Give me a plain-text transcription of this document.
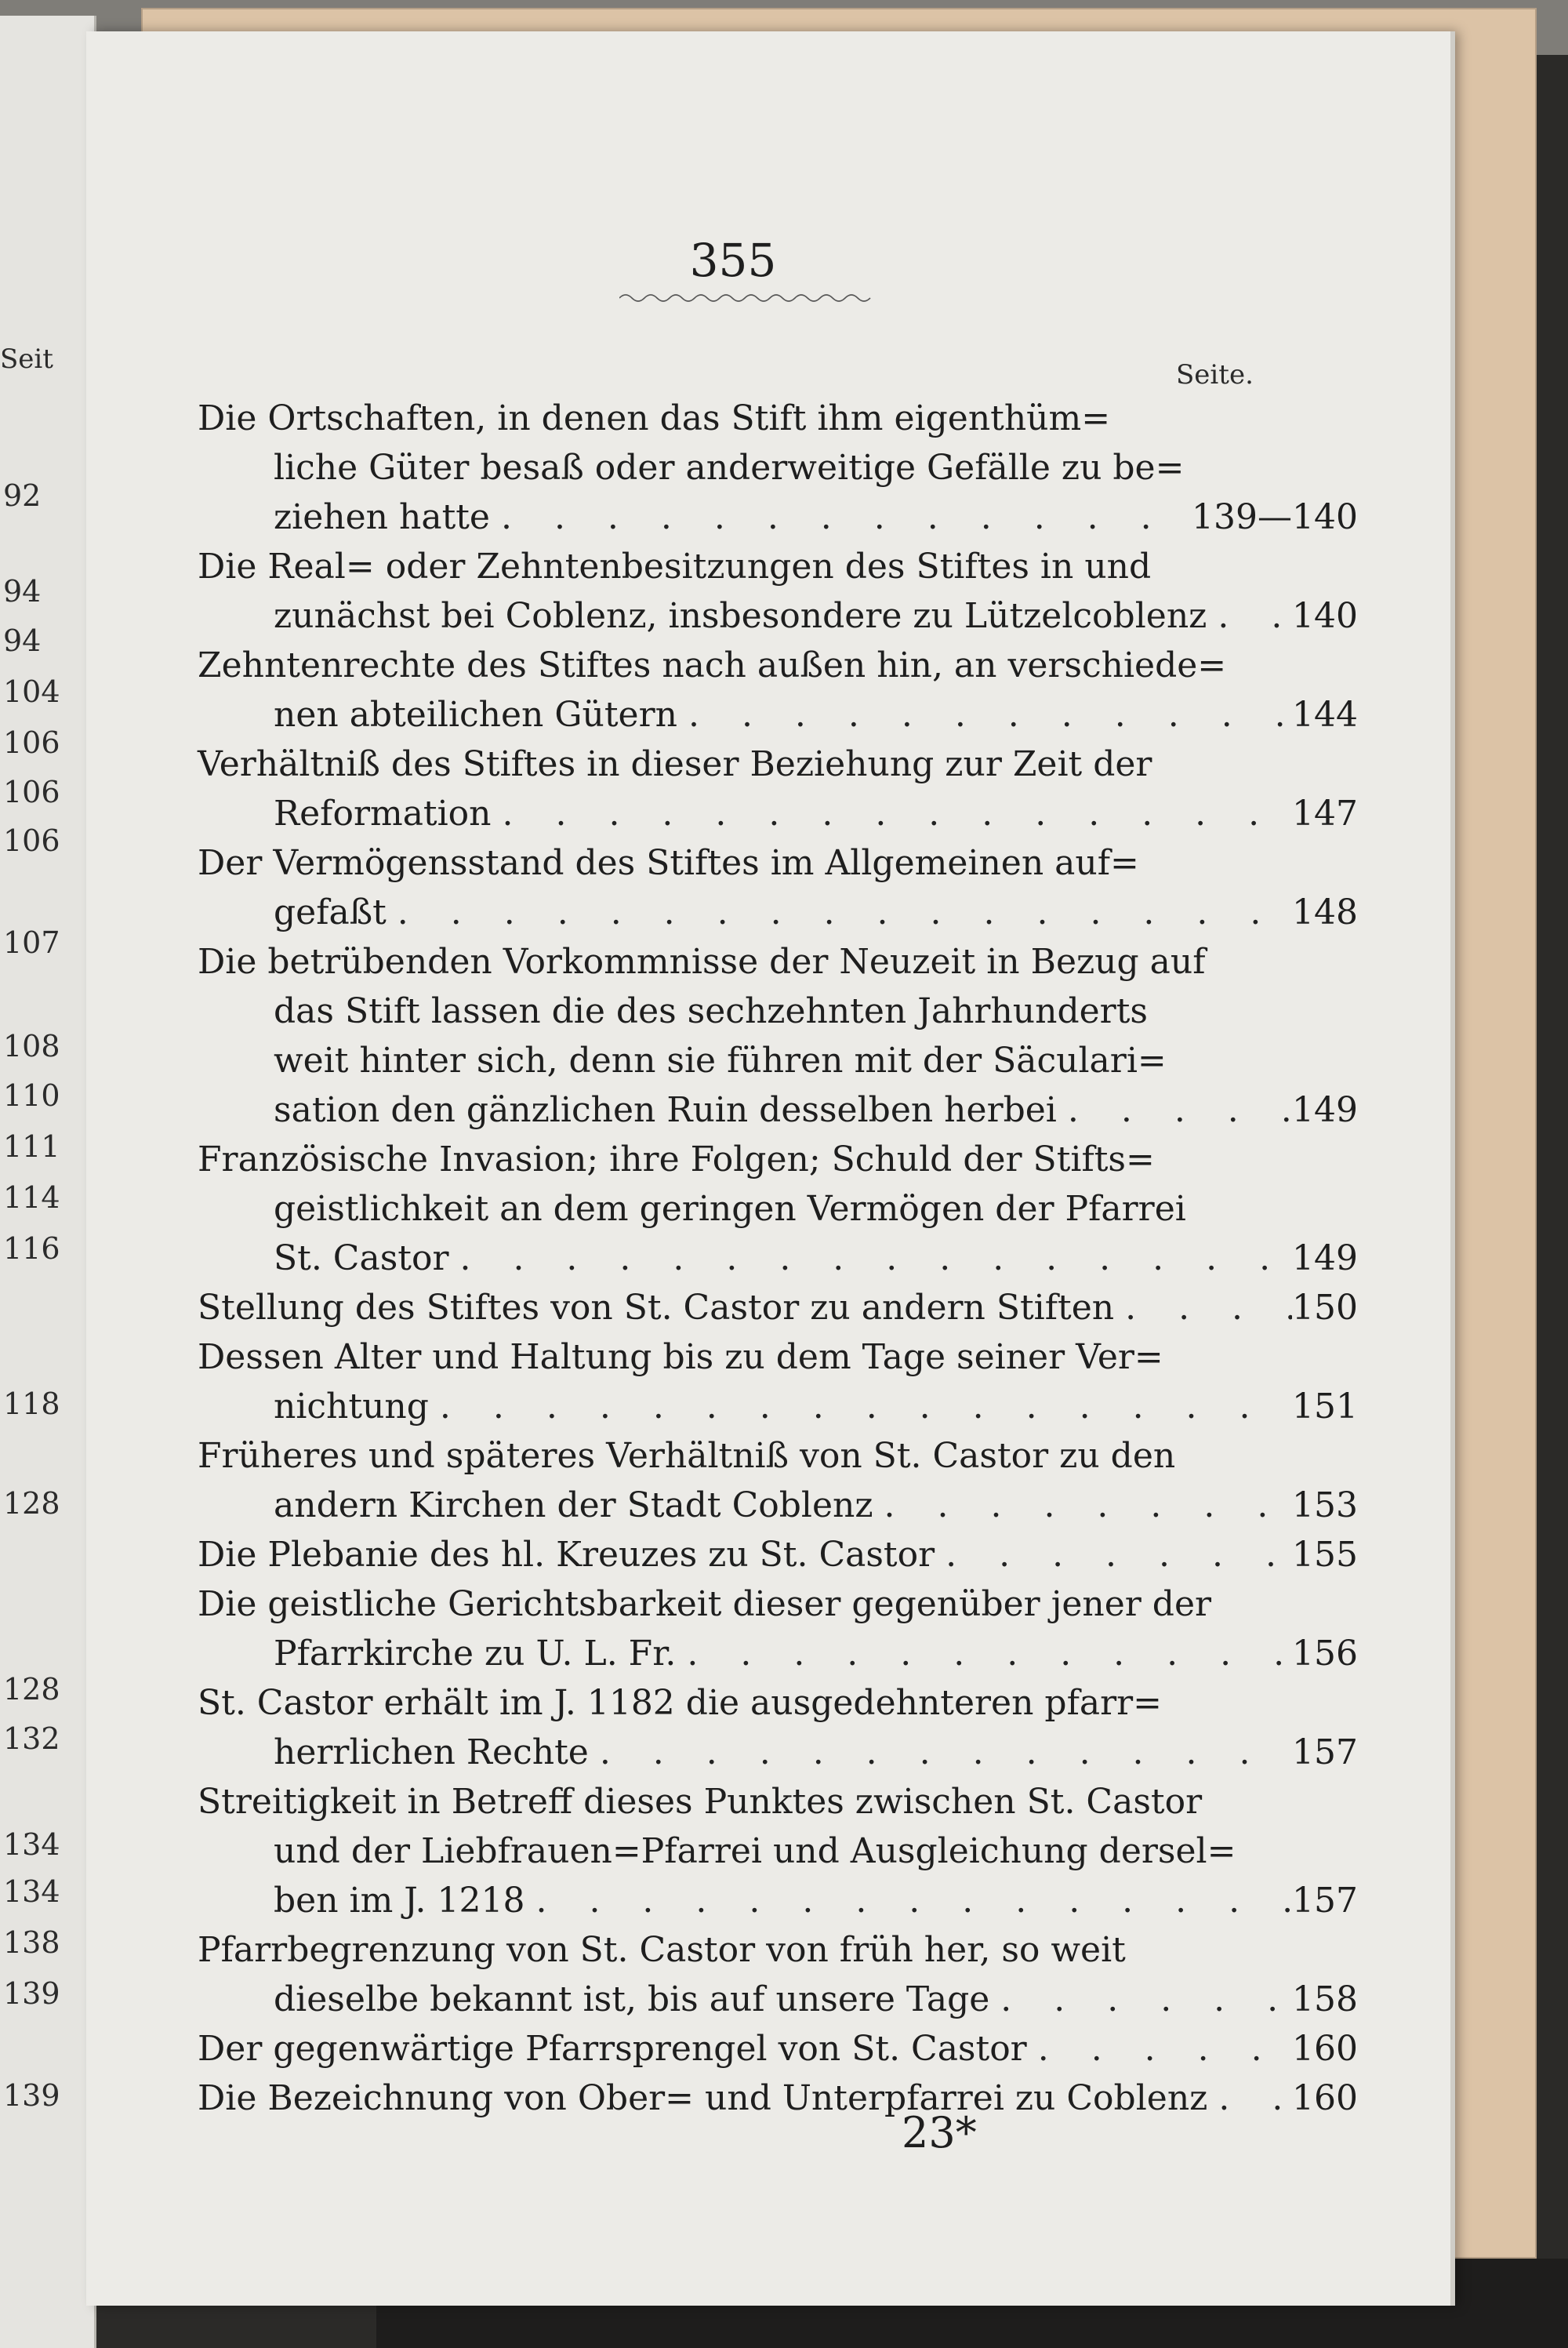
Seit
92
94
94
104
106
106
106
107
108
110
111
114
116
118
128
128
132
134
134
138
139
139
355
Seite.
Die Ortschaften, in denen das Stift ihm eigenthüm=
liche Güter besaß oder anderweitige Gefälle zu be=
ziehen hatte . . .	139—140
Die Real= oder Zehntenbesitzungen des Stiftes in und
zunächst bei Coblenz, insbesondere zu Lützelcoblenz . . . 140
Zehntenrechte des Stiftes nach außen hin, an verschiede=
nen abteilichen Gütern . . .	144
Verhältniß des Stiftes in dieser Beziehung zur Zeit der
Reformation . . .	147
Der Vermögensstand des Stiftes im Allgemeinen auf=
gefaßt . . .	148
Die betrübenden Vorkommnisse der Neuzeit in Bezug auf
das Stift lassen die des sechzehnten Jahrhunderts
weit hinter sich, denn sie führen mit der Säculari=
sation den gänzlichen Ruin desselben herbei . . .	149
Französische Invasion; ihre Folgen; Schuld der Stifts=
geistlichkeit an dem geringen Vermögen der Pfarrei
St. Castor . . .	149
Stellung des Stiftes von St. Castor zu andern Stiften . . .	150
Dessen Alter und Haltung bis zu dem Tage seiner Ver=
nichtung . . .	151
Früheres und späteres Verhältniß von St. Castor zu den
andern Kirchen der Stadt Coblenz . . .	153
Die Plebanie des hl. Kreuzes zu St. Castor . . .	155
Die geistliche Gerichtsbarkeit dieser gegenüber jener der
Pfarrkirche zu U. L. Fr. . . .	156
St. Castor erhält im J. 1182 die ausgedehnteren pfarr=
herrlichen Rechte . . .	157
Streitigkeit in Betreff dieses Punktes zwischen St. Castor
und der Liebfrauen=Pfarrei und Ausgleichung dersel=
ben im J. 1218 . . .	157
Pfarrbegrenzung von St. Castor von früh her, so weit
dieselbe bekannt ist, bis auf unsere Tage . . .	158
Der gegenwärtige Pfarrsprengel von St. Castor . . .	160
Die Bezeichnung von Ober= und Unterpfarrei zu Coblenz . . . 160
23*
